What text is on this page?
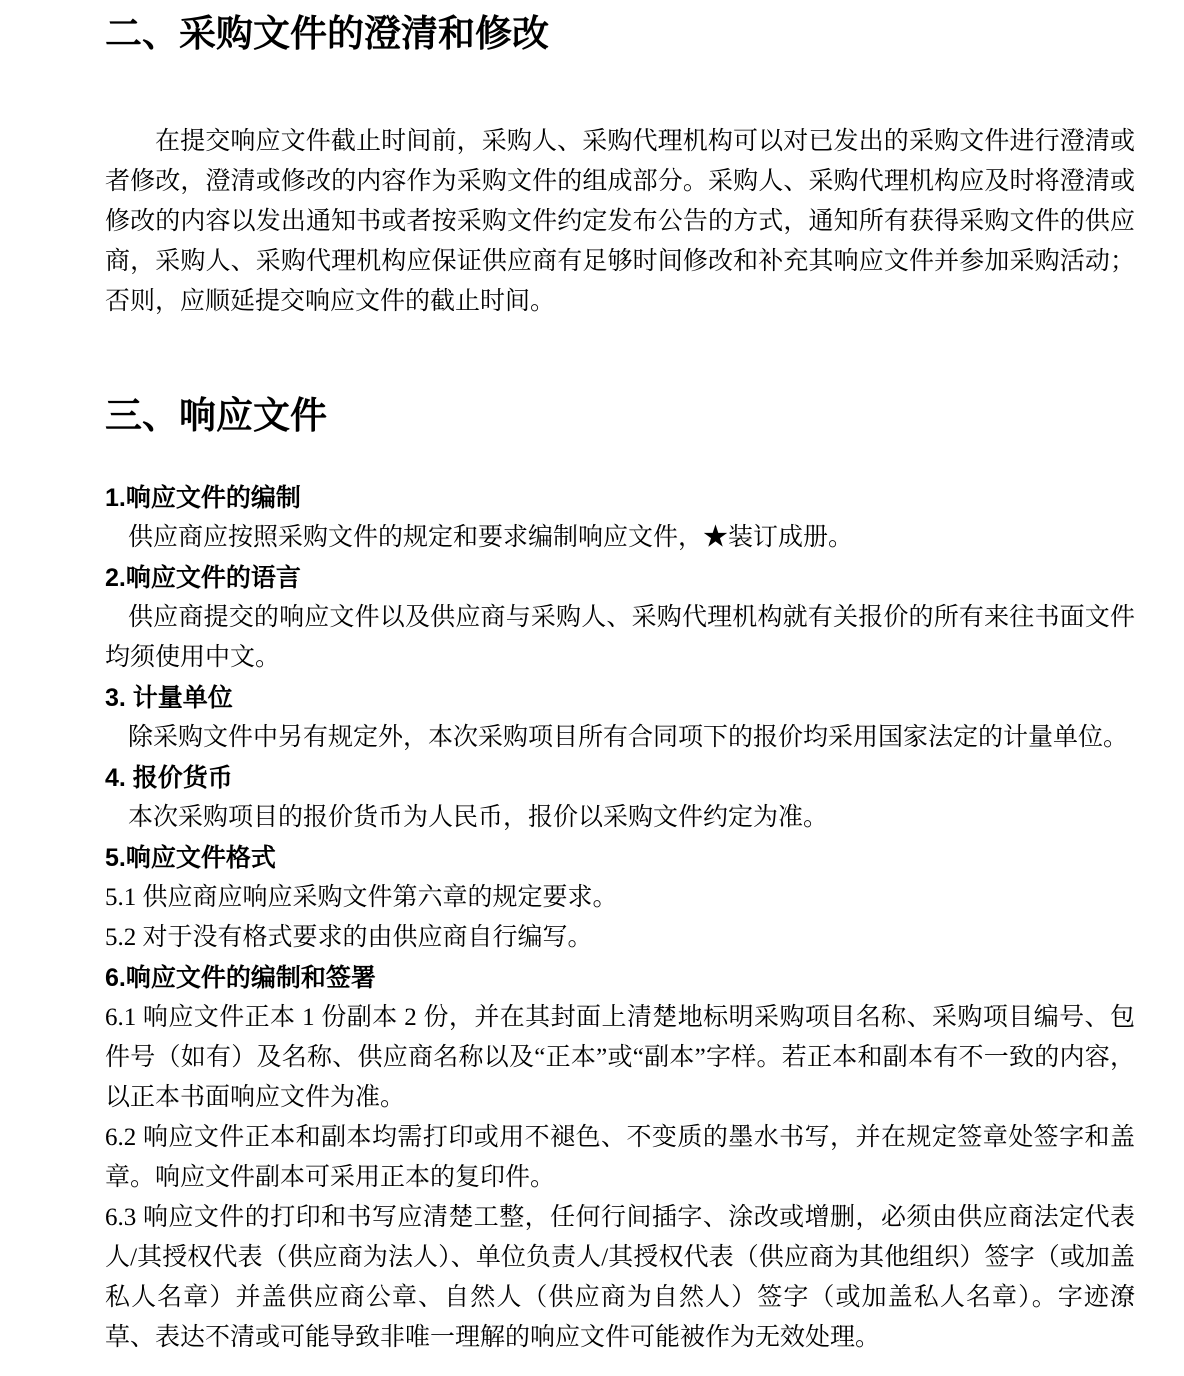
二、采购文件的澄清和修改

在提交响应文件截止时间前，采购人、采购代理机构可以对已发出的采购文件进行澄清或者修改，澄清或修改的内容作为采购文件的组成部分。采购人、采购代理机构应及时将澄清或修改的内容以发出通知书或者按采购文件约定发布公告的方式，通知所有获得采购文件的供应商，采购人、采购代理机构应保证供应商有足够时间修改和补充其响应文件并参加采购活动；否则，应顺延提交响应文件的截止时间。

三、响应文件

1.响应文件的编制

供应商应按照采购文件的规定和要求编制响应文件，★装订成册。

2.响应文件的语言

供应商提交的响应文件以及供应商与采购人、采购代理机构就有关报价的所有来往书面文件均须使用中文。

3. 计量单位

除采购文件中另有规定外，本次采购项目所有合同项下的报价均采用国家法定的计量单位。

4. 报价货币

本次采购项目的报价货币为人民币，报价以采购文件约定为准。

5.响应文件格式

5.1 供应商应响应采购文件第六章的规定要求。

5.2 对于没有格式要求的由供应商自行编写。

6.响应文件的编制和签署

6.1 响应文件正本 1 份副本 2 份，并在其封面上清楚地标明采购项目名称、采购项目编号、包件号（如有）及名称、供应商名称以及“正本”或“副本”字样。若正本和副本有不一致的内容，以正本书面响应文件为准。

6.2 响应文件正本和副本均需打印或用不褪色、不变质的墨水书写，并在规定签章处签字和盖章。响应文件副本可采用正本的复印件。

6.3 响应文件的打印和书写应清楚工整，任何行间插字、涂改或增删，必须由供应商法定代表人/其授权代表（供应商为法人）、单位负责人/其授权代表（供应商为其他组织）签字（或加盖私人名章）并盖供应商公章、自然人（供应商为自然人）签字（或加盖私人名章）。字迹潦草、表达不清或可能导致非唯一理解的响应文件可能被作为无效处理。
